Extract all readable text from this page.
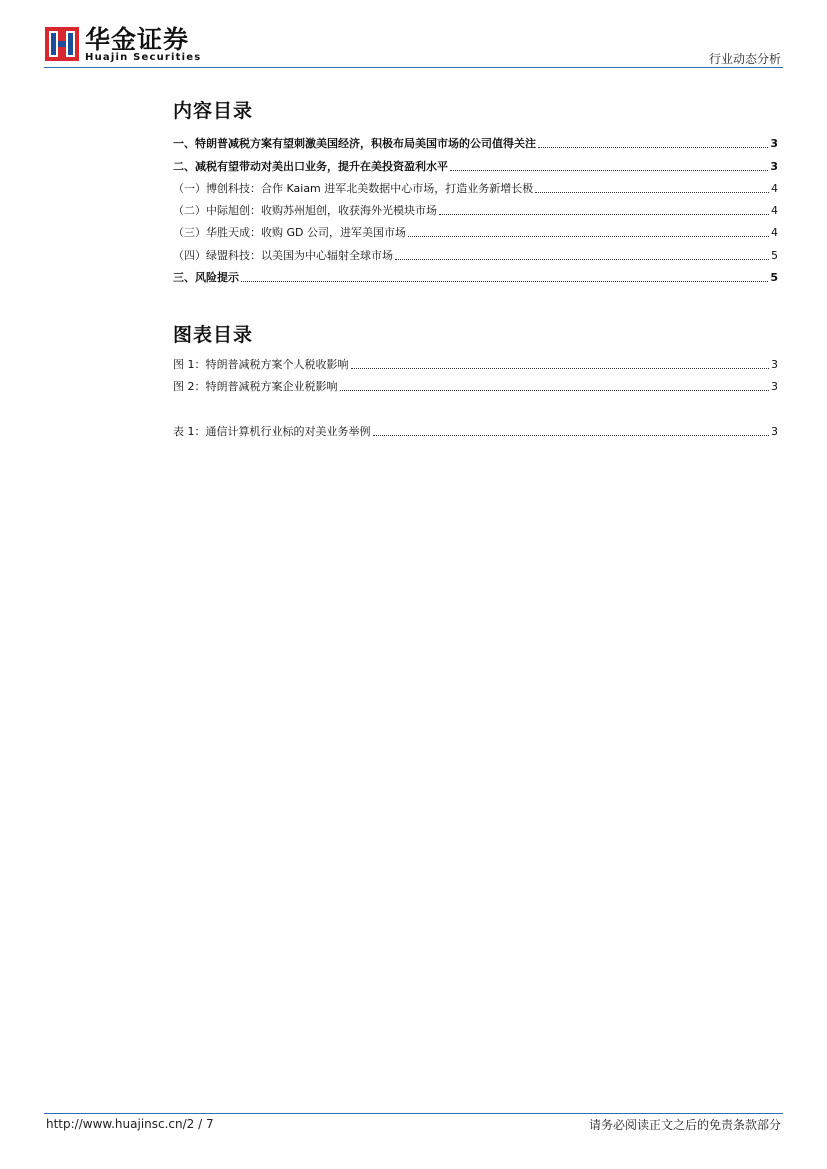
华金证券
Huajin Securities	行业动态分析
内容目录
一、特朗普减税方案有望刺激美国经济，积极布局美国市场的公司值得关注	3
二、减税有望带动对美出口业务，提升在美投资盈利水平	3
（一）博创科技：合作 Kaiam 进军北美数据中心市场，打造业务新增长极	4
（二）中际旭创：收购苏州旭创，收获海外光模块市场	4
（三）华胜天成：收购 GD 公司，进军美国市场	4
（四）绿盟科技：以美国为中心辐射全球市场	5
三、风险提示	5
图表目录
图 1：特朗普减税方案个人税收影响	3
图 2：特朗普减税方案企业税影响	3
表 1：通信计算机行业标的对美业务举例	3
http://www.huajinsc.cn/2 / 7	请务必阅读正文之后的免责条款部分
